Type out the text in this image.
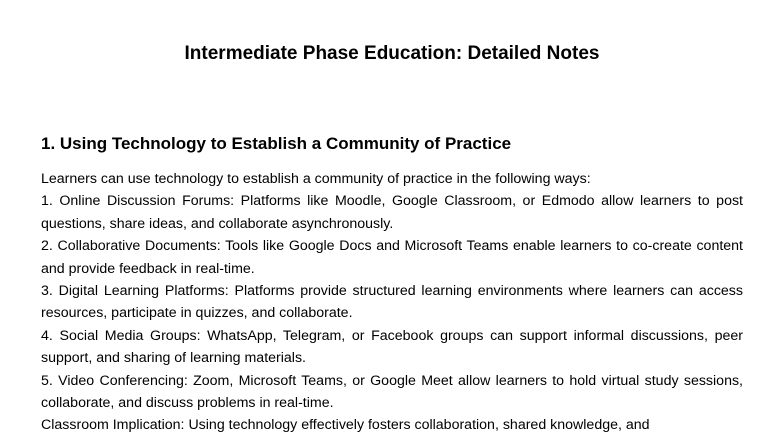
Intermediate Phase Education: Detailed Notes
1. Using Technology to Establish a Community of Practice

Learners can use technology to establish a community of practice in the following ways:

1. Online Discussion Forums: Platforms like Moodle, Google Classroom, or Edmodo allow learners to post questions, share ideas, and collaborate asynchronously.

2. Collaborative Documents: Tools like Google Docs and Microsoft Teams enable learners to co-create content and provide feedback in real-time.

3. Digital Learning Platforms: Platforms provide structured learning environments where learners can access resources, participate in quizzes, and collaborate.

4. Social Media Groups: WhatsApp, Telegram, or Facebook groups can support informal discussions, peer support, and sharing of learning materials.

5. Video Conferencing: Zoom, Microsoft Teams, or Google Meet allow learners to hold virtual study sessions, collaborate, and discuss problems in real-time.

Classroom Implication: Using technology effectively fosters collaboration, shared knowledge, and
